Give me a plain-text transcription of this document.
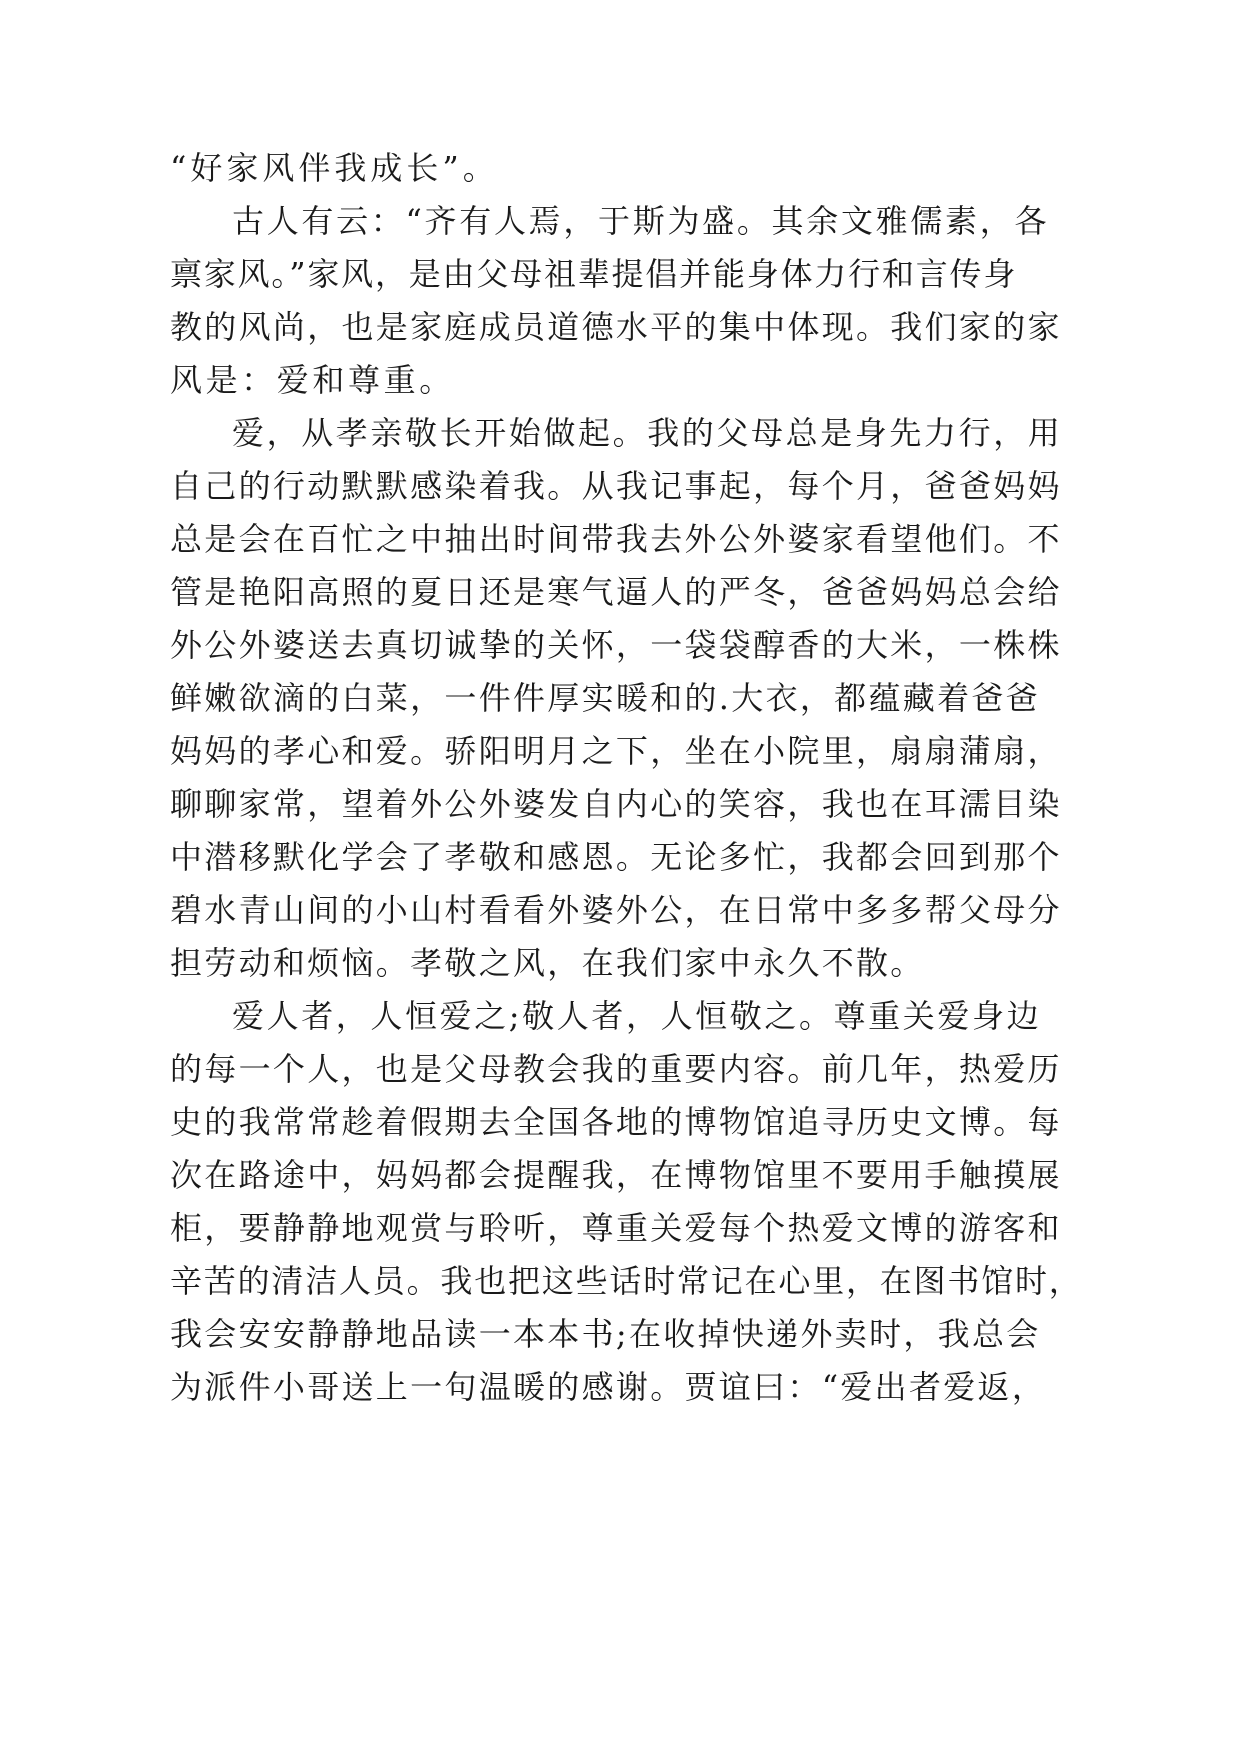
“好家风伴我成长”。
古人有云：“齐有人焉，于斯为盛。其余文雅儒素，各
禀家风。”家风，是由父母祖辈提倡并能身体力行和言传身
教的风尚，也是家庭成员道德水平的集中体现。我们家的家
风是：爱和尊重。
爱，从孝亲敬长开始做起。我的父母总是身先力行，用
自己的行动默默感染着我。从我记事起，每个月，爸爸妈妈
总是会在百忙之中抽出时间带我去外公外婆家看望他们。不
管是艳阳高照的夏日还是寒气逼人的严冬，爸爸妈妈总会给
外公外婆送去真切诚挚的关怀，一袋袋醇香的大米，一株株
鲜嫩欲滴的白菜，一件件厚实暖和的.大衣，都蕴藏着爸爸
妈妈的孝心和爱。骄阳明月之下，坐在小院里，扇扇蒲扇，
聊聊家常，望着外公外婆发自内心的笑容，我也在耳濡目染
中潜移默化学会了孝敬和感恩。无论多忙，我都会回到那个
碧水青山间的小山村看看外婆外公，在日常中多多帮父母分
担劳动和烦恼。孝敬之风，在我们家中永久不散。
爱人者，人恒爱之;敬人者，人恒敬之。尊重关爱身边
的每一个人，也是父母教会我的重要内容。前几年，热爱历
史的我常常趁着假期去全国各地的博物馆追寻历史文博。每
次在路途中，妈妈都会提醒我，在博物馆里不要用手触摸展
柜，要静静地观赏与聆听，尊重关爱每个热爱文博的游客和
辛苦的清洁人员。我也把这些话时常记在心里，在图书馆时，
我会安安静静地品读一本本书;在收掉快递外卖时，我总会
为派件小哥送上一句温暖的感谢。贾谊曰：“爱出者爱返，
